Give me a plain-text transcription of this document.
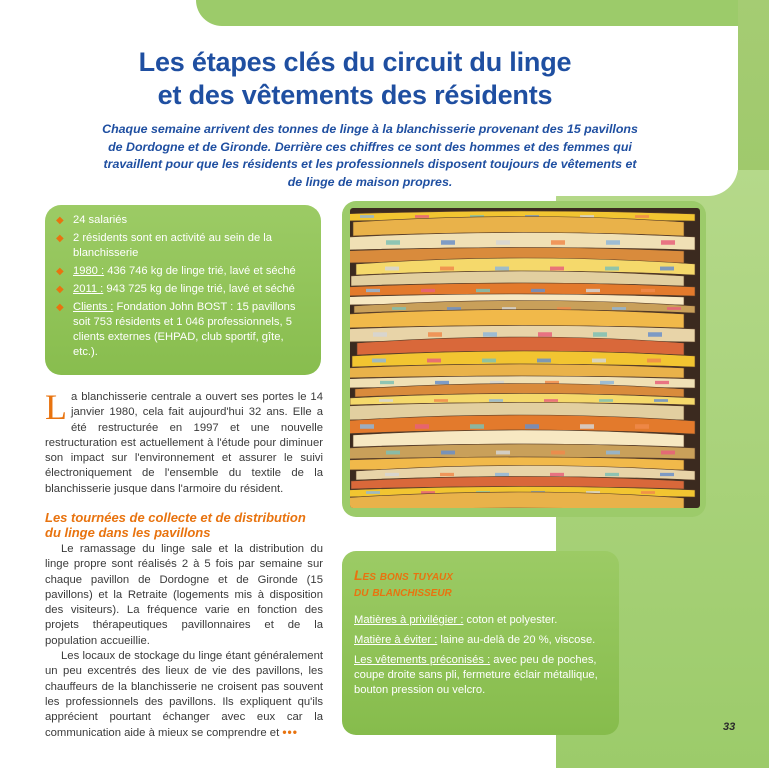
Les étapes clés du circuit du linge
et des vêtements des résidents

Chaque semaine arrivent des tonnes de linge à la blanchisserie provenant des 15 pavillons de Dordogne et de Gironde. Derrière ces chiffres ce sont des hommes et des femmes qui travaillent pour que les résidents et les professionnels disposent toujours de vêtements et de linge de maison propres.

◆ 24 salariés
◆ 2 résidents sont en activité au sein de la blanchisserie
◆ 1980 : 436 746 kg de linge trié, lavé et séché
◆ 2011 : 943 725 kg de linge trié, lavé et séché
◆ Clients : Fondation John BOST : 15 pavillons soit 753 résidents et 1 046 professionnels, 5 clients externes (EHPAD, club sportif, gîte, etc.).

La blanchisserie centrale a ouvert ses portes le 14 janvier 1980, cela fait aujourd'hui 32 ans. Elle a été restructurée en 1997 et une nouvelle restructuration est actuellement à l'étude pour diminuer son impact sur l'environnement et assurer le suivi électroniquement de l'ensemble du textile de la blanchisserie jusque dans l'armoire du résident.

Les tournées de collecte et de distribution
du linge dans les pavillons

Le ramassage du linge sale et la distribution du linge propre sont réalisés 2 à 5 fois par semaine sur chaque pavillon de Dordogne et de Gironde (15 pavillons) et la Retraite (logements mis à disposition des visiteurs). La fréquence varie en fonction des projets thérapeutiques pavillonnaires et de la population accueillie.

Les locaux de stockage du linge étant généralement un peu excentrés des lieux de vie des pavillons, les chauffeurs de la blanchisserie ne croisent pas souvent les professionnels des pavillons. Ils expliquent qu'ils apprécient pourtant échanger avec eux car la communication aide à mieux se comprendre et •••

Les bons tuyaux
du blanchisseur

Matières à privilégier : coton et polyester.

Matière à éviter : laine au-delà de 20 %, viscose.

Les vêtements préconisés : avec peu de poches, coupe droite sans pli, fermeture éclair métallique, bouton pression ou velcro.

33
